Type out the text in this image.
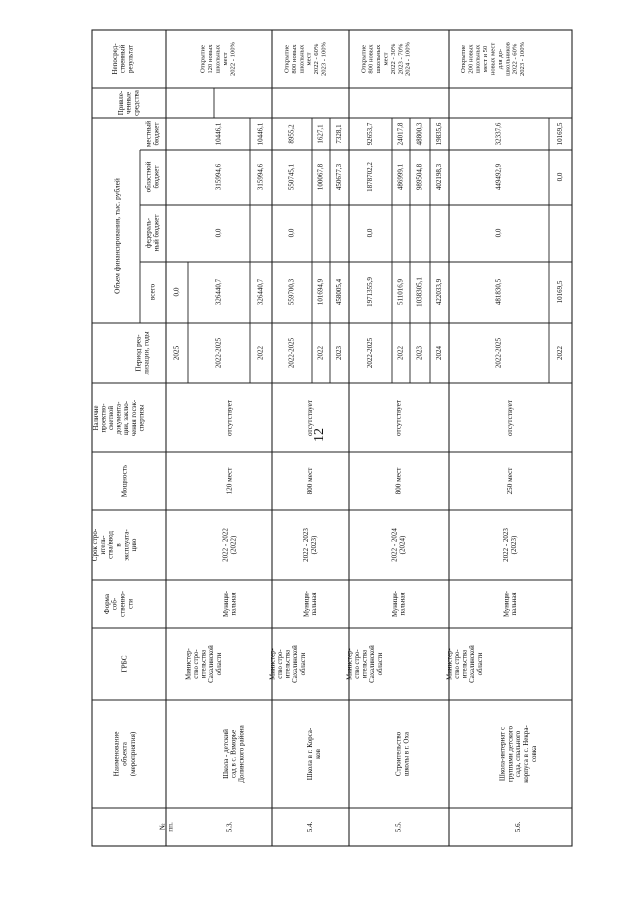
12
№ пп.
Наименование объекта (мероприятия)
ГРБС
Форма соб- ственно- сти
Срок стро- итель- ства/ввод в эксплуата- цию
Мощность
Наличие проектно- сметной документа- ции, заклю- чения госэк- спертизы
Период реа- лизации, годы
Объем финансирования, тыс. рублей	всего
федераль- ный бюджет
областной бюджет
местный бюджет
Привле- ченные средства
Непосред- ственный результат
2025
0,0
5.3.
Школа - детский сад в с. Взморье Долинского района
Министер- ство стро- ительства Сахалинской области
Муници- пальная
2022 - 2022 (2022)
120 мест
отсутствует
Открытие 120 новых школьных мест 2022 - 100%
2022-2025
326440,7
0,0
315994,6
10446,1
2022
326440,7
315994,6
10446,1
5.4.
Школа в г. Корса- ков
Министер- ство стро- ительства Сахалинской области
Муници- пальная
2022 - 2023 (2023)
800 мест
отсутствует
Открытие 800 новых школьных мест 2022 - 60% 2023 - 100%
2022-2025
559700,3
0,0
550745,1
8955,2
2022
101694,9
100067,8
1627,1
2023
458005,4
450677,3
7328,1
5.5.
Строительство школы в г. Оха
Министер- ство стро- ительства Сахалинской области
Муници- пальная
2022 - 2024 (2024)
800 мест
отсутствует
Открытие 800 новых школьных мест 2022 - 30% 2023 - 70% 2024 - 100%
2022-2025
1971355,9
0,0
1878702,2
92653,7
2022
511016,9
486999,1
24017,8
2023
1038305,1
989504,8
48800,3
2024
422033,9
402198,3
19835,6
5.6.
Школа-интернат с группами детского сада, спального корпуса в с. Некра- совка
Министер- ство стро- ительства Сахалинской области
Муници- пальная
2022 - 2023 (2023)
250 мест
отсутствует
Открытие 200 новых школьных мест и 50 новых мест для до- школьников 2022 - 60% 2023 - 100%
2022-2025
481830,5
0,0
449492,9
32337,6
2022
10169,5
0,0
10169,5
